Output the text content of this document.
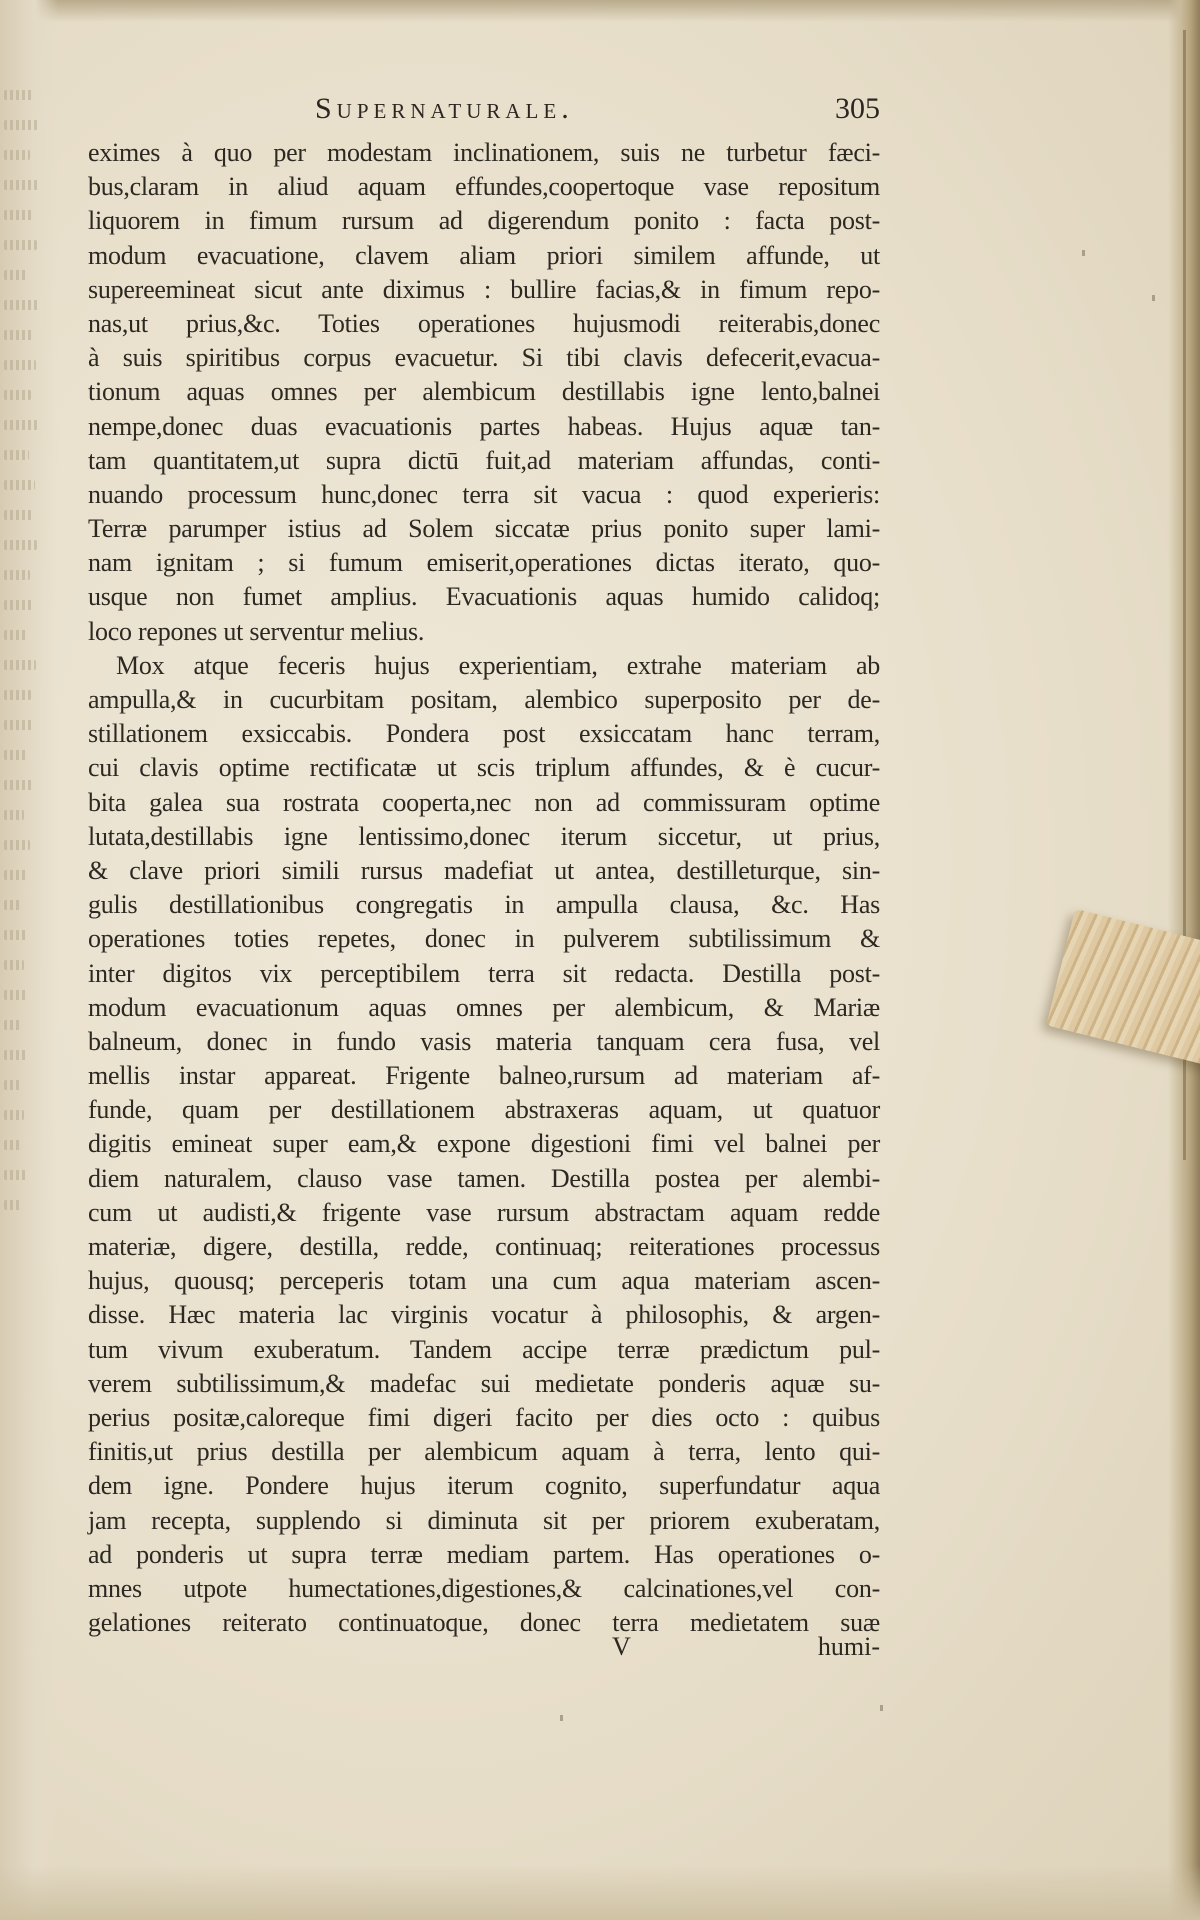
Supernaturale.	305
eximes à quo per modestam inclinationem, suis ne turbetur fæci-
bus,claram in aliud aquam effundes,coopertoque vase repositum
liquorem in fimum rursum ad digerendum ponito : facta post-
modum evacuatione, clavem aliam priori similem affunde, ut
supereemineat sicut ante diximus : bullire facias,& in fimum repo-
nas,ut prius,&c. Toties operationes hujusmodi reiterabis,donec
à suis spiritibus corpus evacuetur. Si tibi clavis defecerit,evacua-
tionum aquas omnes per alembicum destillabis igne lento,balnei
nempe,donec duas evacuationis partes habeas. Hujus aquæ tan-
tam quantitatem,ut supra dictū fuit,ad materiam affundas, conti-
nuando processum hunc,donec terra sit vacua : quod experieris:
Terræ parumper istius ad Solem siccatæ prius ponito super lami-
nam ignitam ; si fumum emiserit,operationes dictas iterato, quo-
usque non fumet amplius. Evacuationis aquas humido calidoq;
loco repones ut serventur melius.
Mox atque feceris hujus experientiam, extrahe materiam ab
ampulla,& in cucurbitam positam, alembico superposito per de-
stillationem exsiccabis. Pondera post exsiccatam hanc terram,
cui clavis optime rectificatæ ut scis triplum affundes, & è cucur-
bita galea sua rostrata cooperta,nec non ad commissuram optime
lutata,destillabis igne lentissimo,donec iterum siccetur, ut prius,
& clave priori simili rursus madefiat ut antea, destilleturque, sin-
gulis destillationibus congregatis in ampulla clausa, &c. Has
operationes toties repetes, donec in pulverem subtilissimum &
inter digitos vix perceptibilem terra sit redacta. Destilla post-
modum evacuationum aquas omnes per alembicum, & Mariæ
balneum, donec in fundo vasis materia tanquam cera fusa, vel
mellis instar appareat. Frigente balneo,rursum ad materiam af-
funde, quam per destillationem abstraxeras aquam, ut quatuor
digitis emineat super eam,& expone digestioni fimi vel balnei per
diem naturalem, clauso vase tamen. Destilla postea per alembi-
cum ut audisti,& frigente vase rursum abstractam aquam redde
materiæ, digere, destilla, redde, continuaq; reiterationes processus
hujus, quousq; perceperis totam una cum aqua materiam ascen-
disse. Hæc materia lac virginis vocatur à philosophis, & argen-
tum vivum exuberatum. Tandem accipe terræ prædictum pul-
verem subtilissimum,& madefac sui medietate ponderis aquæ su-
perius positæ,caloreque fimi digeri facito per dies octo : quibus
finitis,ut prius destilla per alembicum aquam à terra, lento qui-
dem igne. Pondere hujus iterum cognito, superfundatur aqua
jam recepta, supplendo si diminuta sit per priorem exuberatam,
ad ponderis ut supra terræ mediam partem. Has operationes o-
mnes utpote humectationes,digestiones,& calcinationes,vel con-
gelationes reiterato continuatoque, donec terra medietatem suæ
V	humi-
